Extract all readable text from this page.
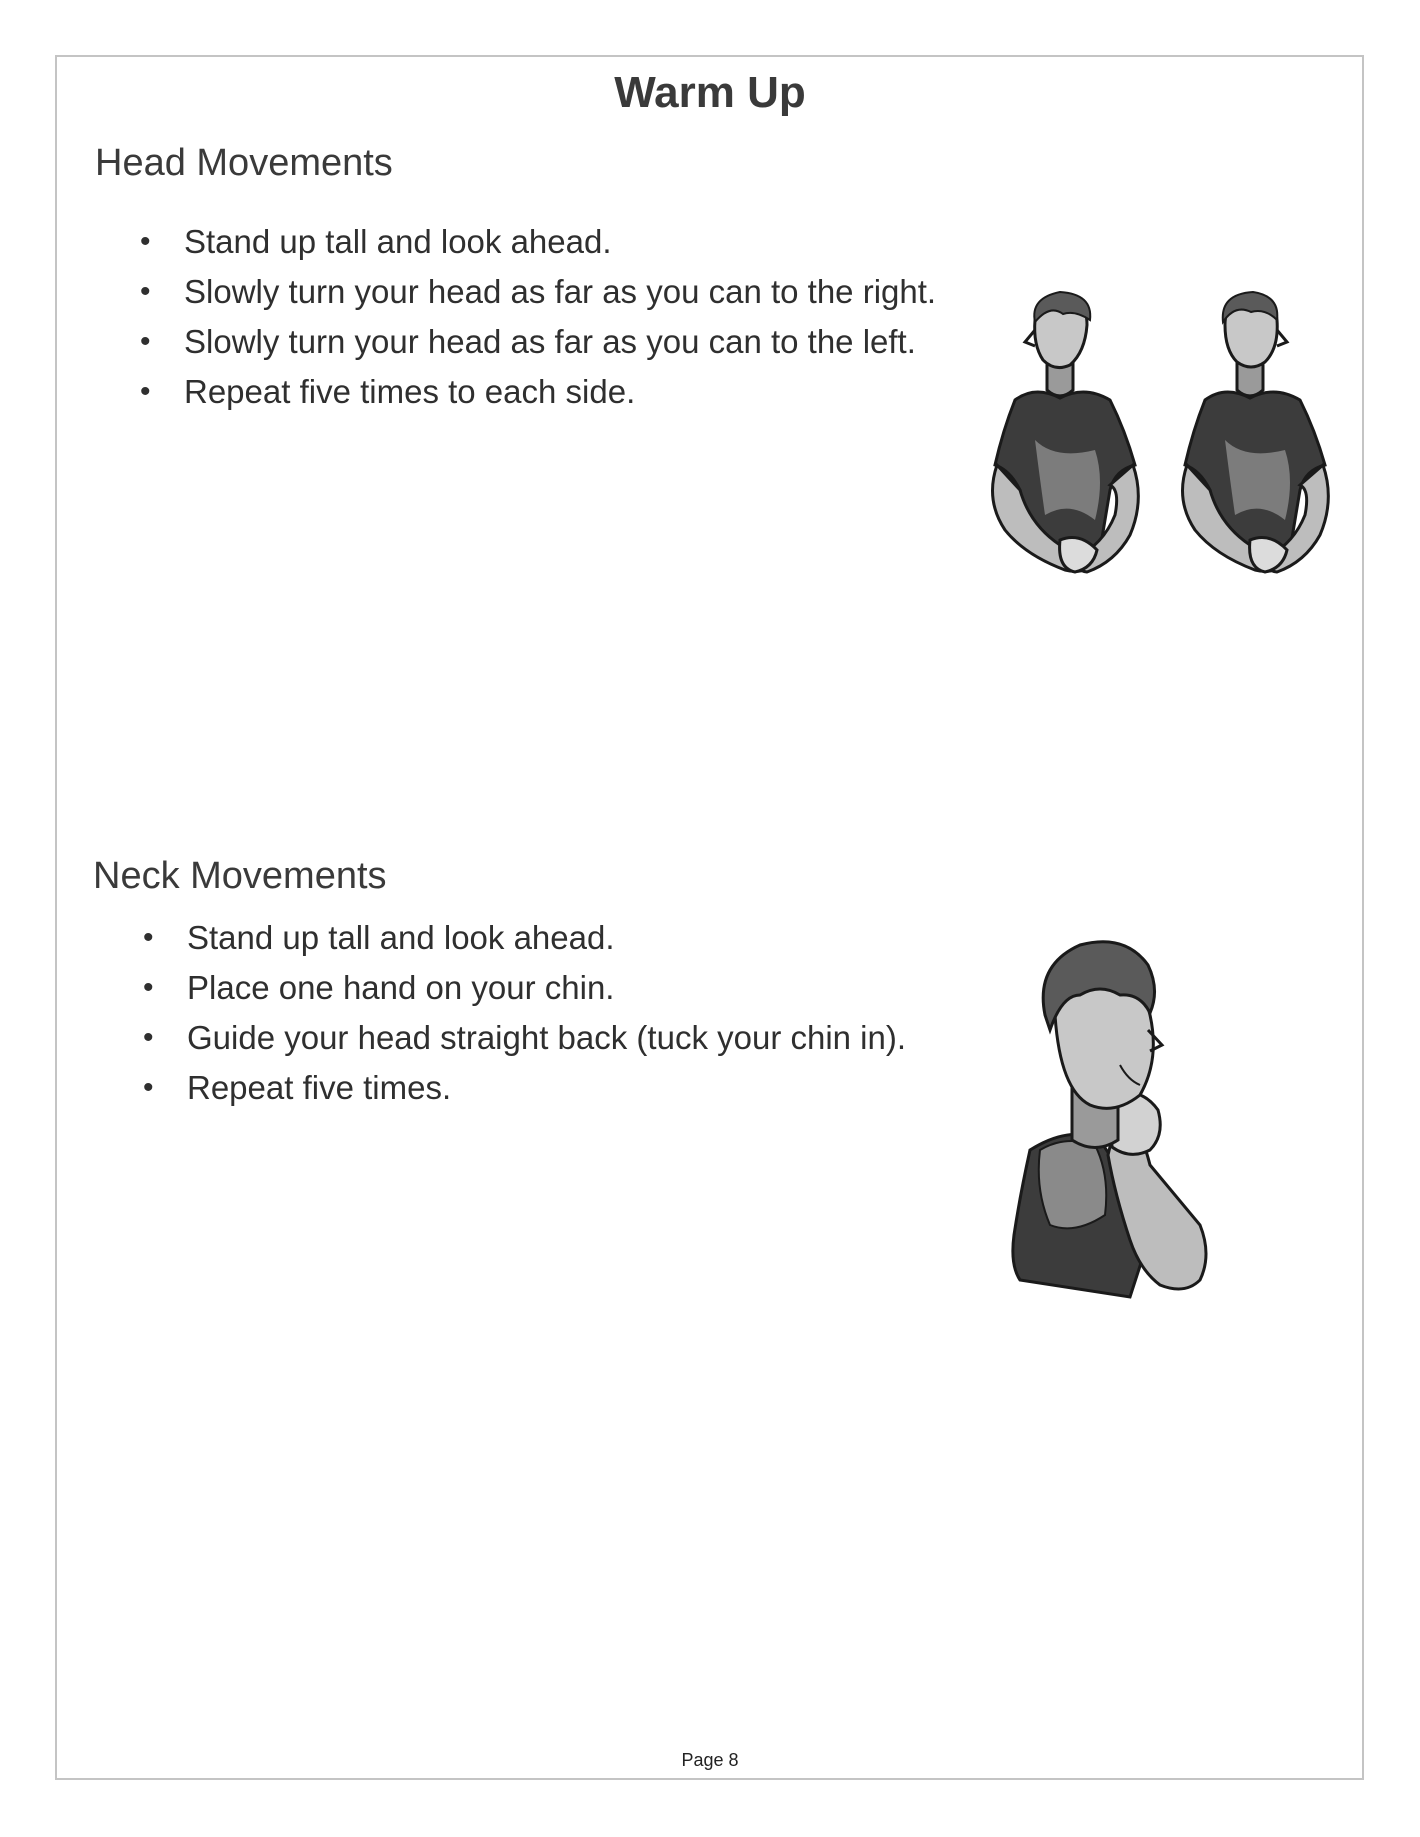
Warm Up
Head Movements
• Stand up tall and look ahead.
• Slowly turn your head as far as you can to the right.
• Slowly turn your head as far as you can to the left.
• Repeat five times to each side.
Neck Movements
• Stand up tall and look ahead.
• Place one hand on your chin.
• Guide your head straight back (tuck your chin in).
• Repeat five times.
Page 8
